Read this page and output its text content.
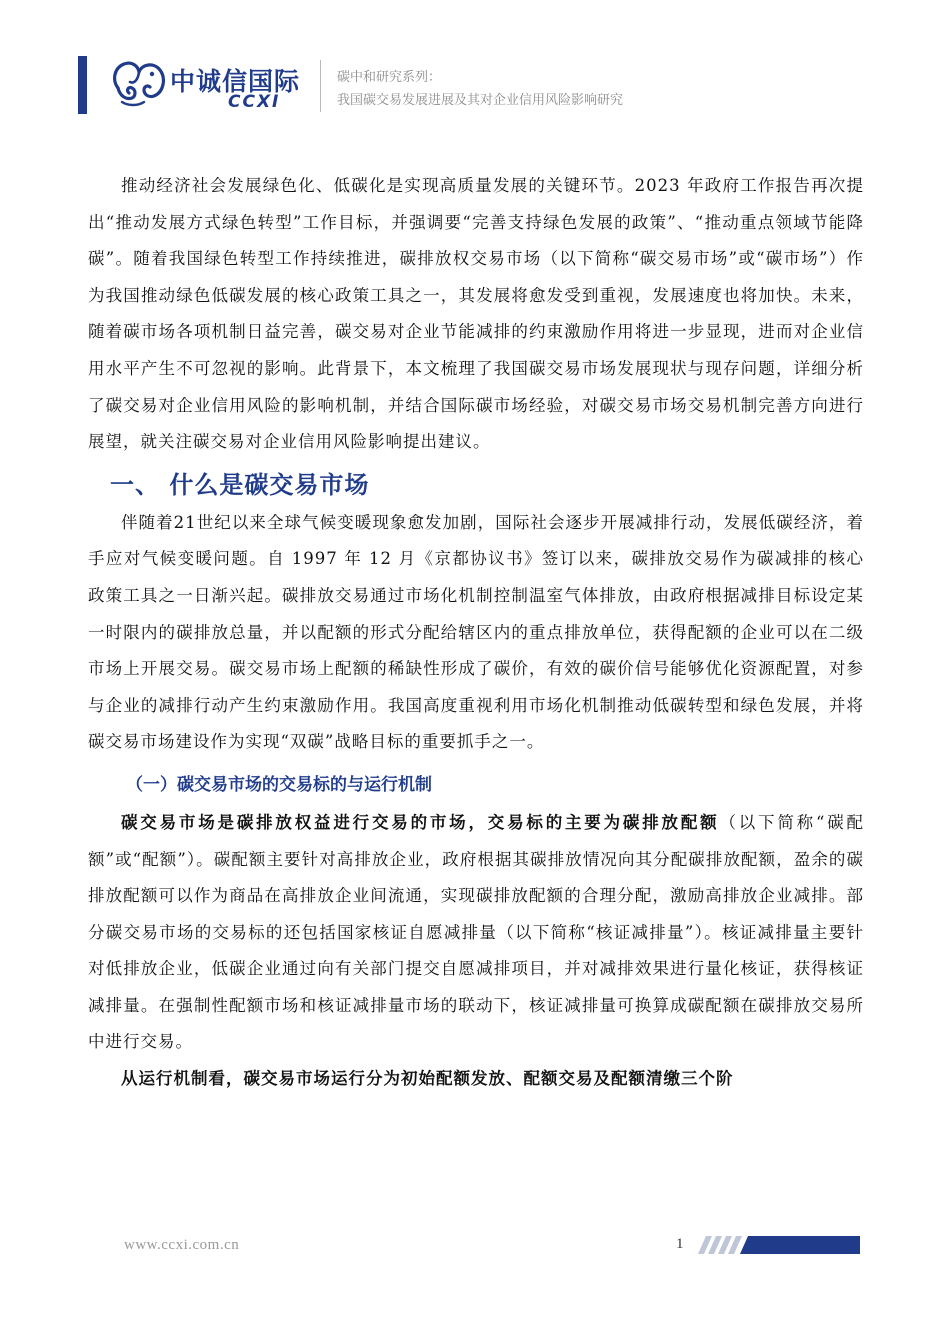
中诚信国际
CCXI
碳中和研究系列：
我国碳交易发展进展及其对企业信用风险影响研究

推动经济社会发展绿色化、低碳化是实现高质量发展的关键环节。2023 年政府工作报告再次提出“推动发展方式绿色转型”工作目标，并强调要“完善支持绿色发展的政策”、“推动重点领域节能降碳”。随着我国绿色转型工作持续推进，碳排放权交易市场（以下简称“碳交易市场”或“碳市场”）作为我国推动绿色低碳发展的核心政策工具之一，其发展将愈发受到重视，发展速度也将加快。未来，随着碳市场各项机制日益完善，碳交易对企业节能减排的约束激励作用将进一步显现，进而对企业信用水平产生不可忽视的影响。此背景下，本文梳理了我国碳交易市场发展现状与现存问题，详细分析了碳交易对企业信用风险的影响机制，并结合国际碳市场经验，对碳交易市场交易机制完善方向进行展望，就关注碳交易对企业信用风险影响提出建议。

一、 什么是碳交易市场

伴随着21世纪以来全球气候变暖现象愈发加剧，国际社会逐步开展减排行动，发展低碳经济，着手应对气候变暖问题。自 1997 年 12 月《京都协议书》签订以来，碳排放交易作为碳减排的核心政策工具之一日渐兴起。碳排放交易通过市场化机制控制温室气体排放，由政府根据减排目标设定某一时限内的碳排放总量，并以配额的形式分配给辖区内的重点排放单位，获得配额的企业可以在二级市场上开展交易。碳交易市场上配额的稀缺性形成了碳价，有效的碳价信号能够优化资源配置，对参与企业的减排行动产生约束激励作用。我国高度重视利用市场化机制推动低碳转型和绿色发展，并将碳交易市场建设作为实现“双碳”战略目标的重要抓手之一。

（一）碳交易市场的交易标的与运行机制

碳交易市场是碳排放权益进行交易的市场，交易标的主要为碳排放配额（以下简称“碳配额”或“配额”）。碳配额主要针对高排放企业，政府根据其碳排放情况向其分配碳排放配额，盈余的碳排放配额可以作为商品在高排放企业间流通，实现碳排放配额的合理分配，激励高排放企业减排。部分碳交易市场的交易标的还包括国家核证自愿减排量（以下简称“核证减排量”）。核证减排量主要针对低排放企业，低碳企业通过向有关部门提交自愿减排项目，并对减排效果进行量化核证，获得核证减排量。在强制性配额市场和核证减排量市场的联动下，核证减排量可换算成碳配额在碳排放交易所中进行交易。

从运行机制看，碳交易市场运行分为初始配额发放、配额交易及配额清缴三个阶

www.ccxi.com.cn	1
